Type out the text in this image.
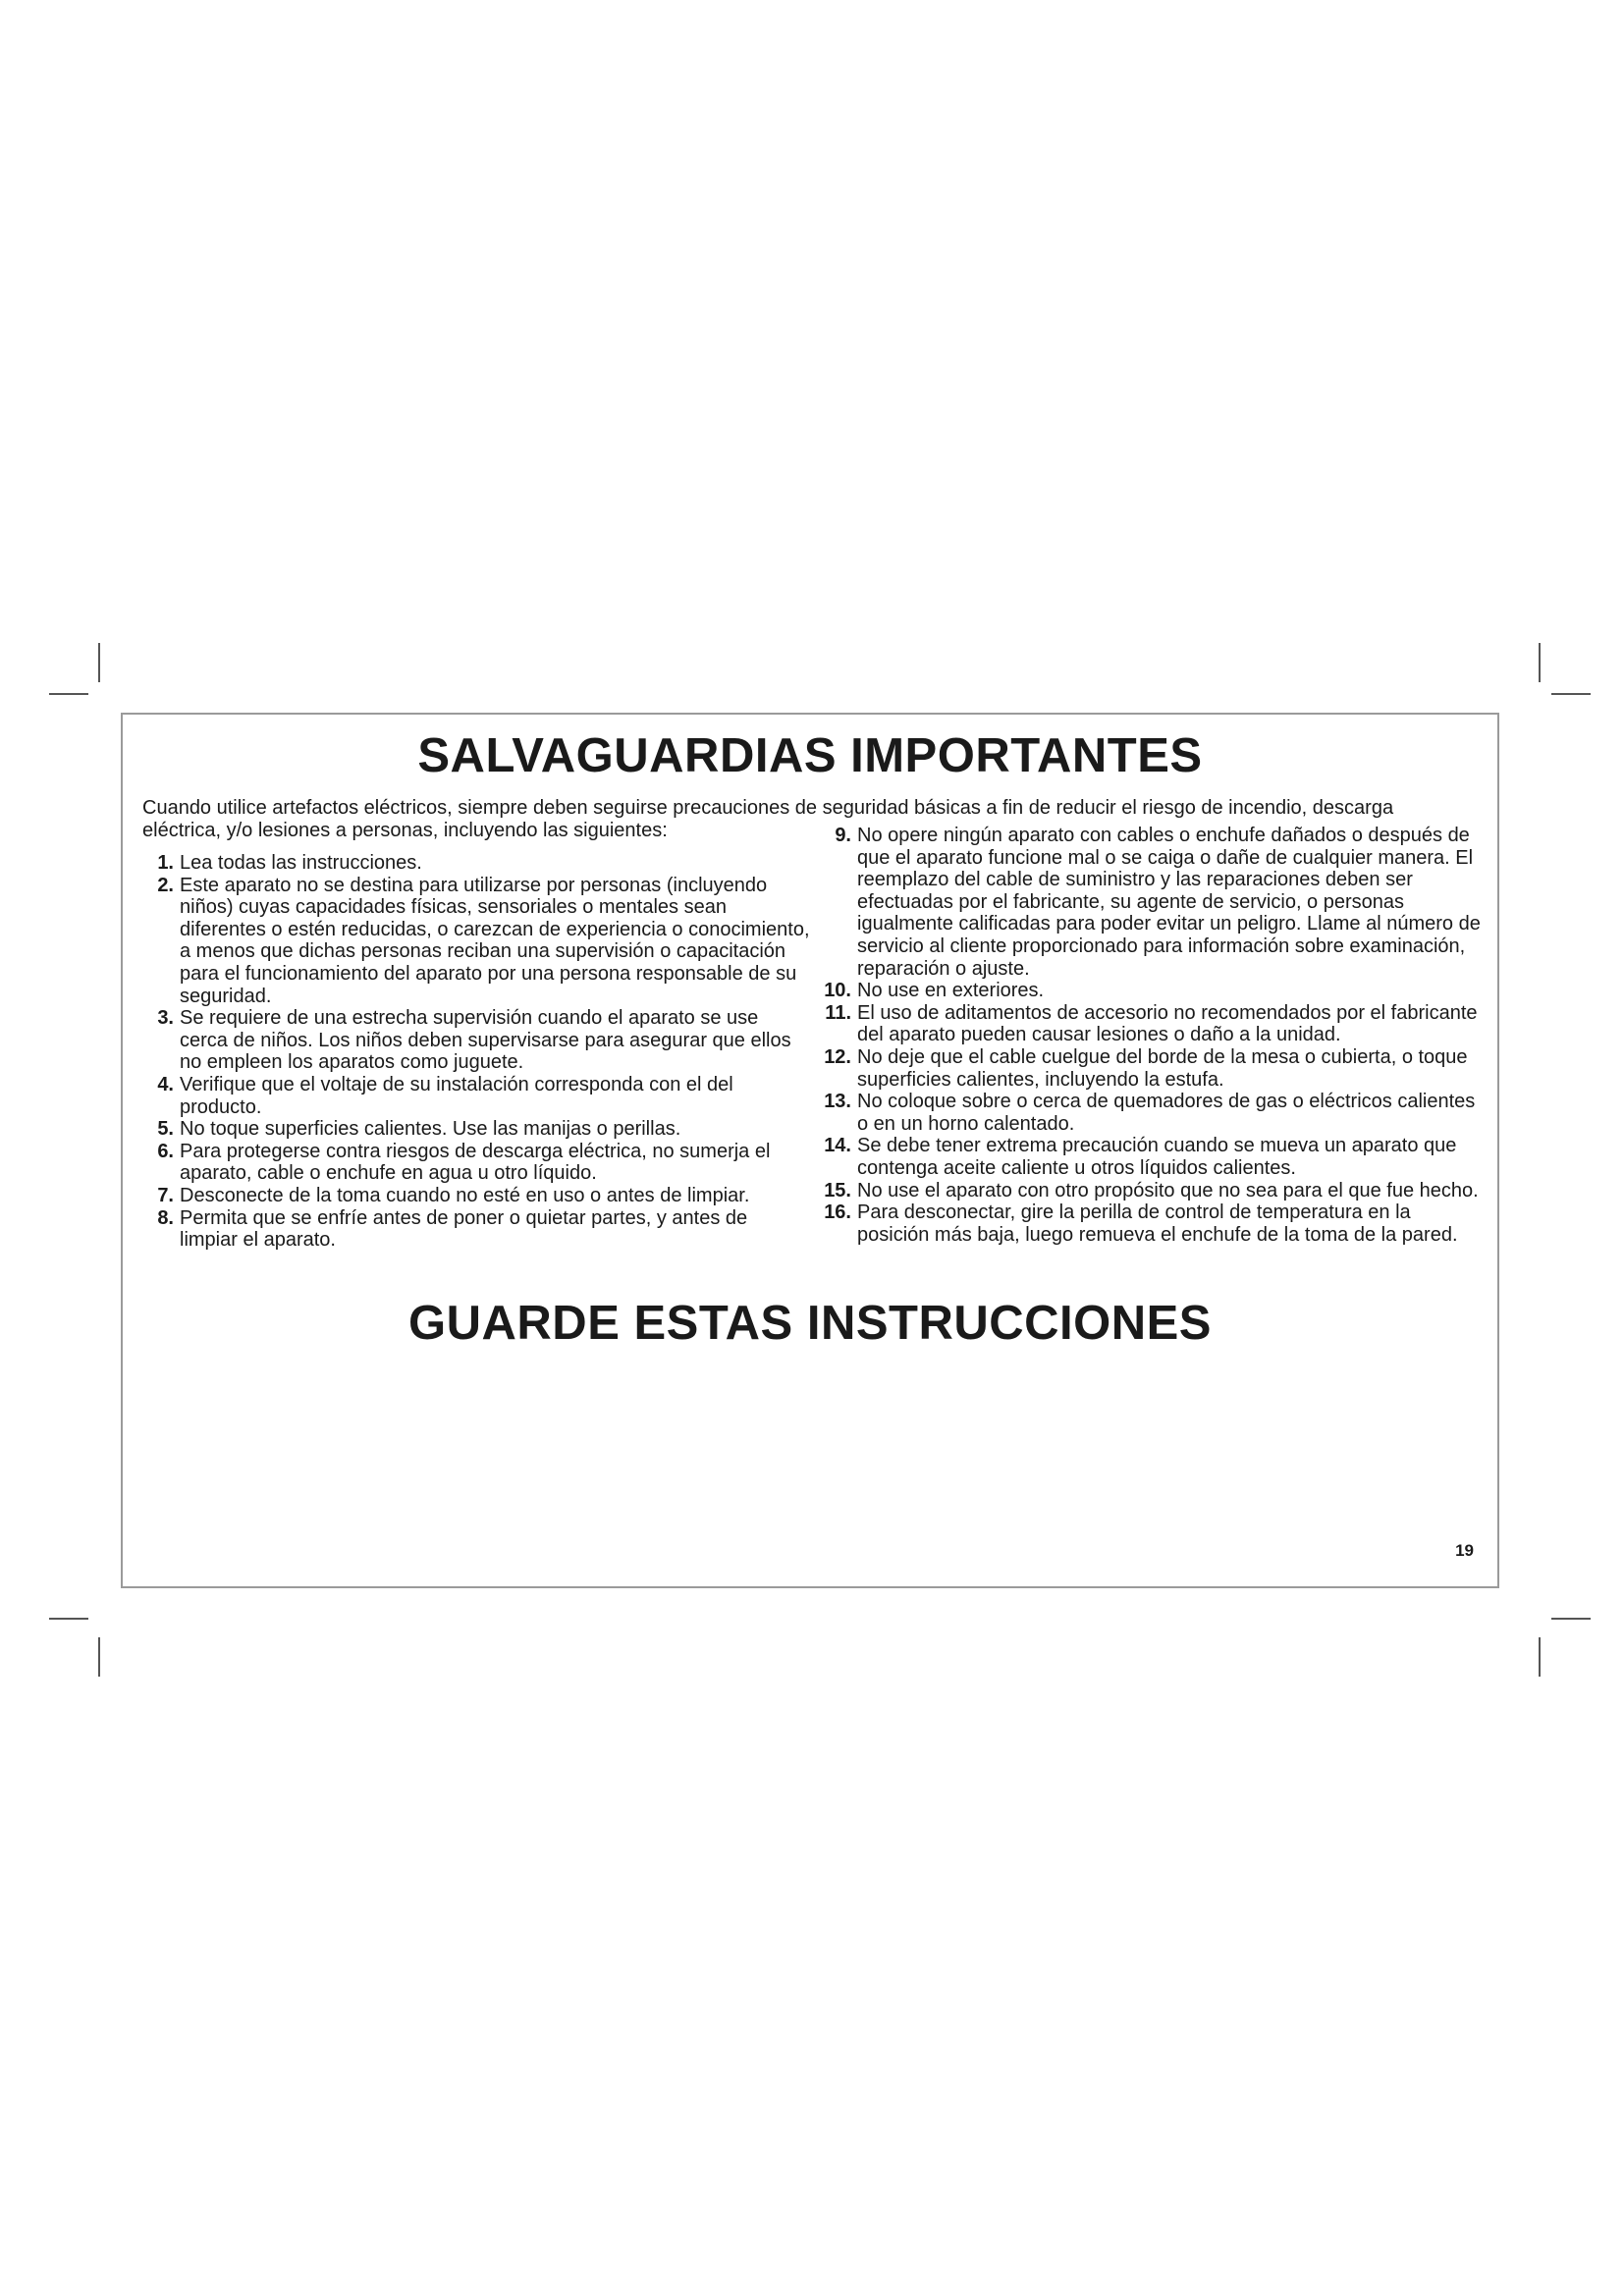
SALVAGUARDIAS IMPORTANTES

Cuando utilice artefactos eléctricos, siempre deben seguirse precauciones de seguridad básicas a fin de reducir el riesgo de incendio, descarga eléctrica, y/o lesiones a personas, incluyendo las siguientes:

1. Lea todas las instrucciones.
2. Este aparato no se destina para utilizarse por personas (incluyendo niños) cuyas capacidades físicas, sensoriales o mentales sean diferentes o estén reducidas, o carezcan de experiencia o conocimiento, a menos que dichas personas reciban una supervisión o capacitación para el funcionamiento del aparato por una persona responsable de su seguridad.
3. Se requiere de una estrecha supervisión cuando el aparato se use cerca de niños. Los niños deben supervisarse para asegurar que ellos no empleen los aparatos como juguete.
4. Verifique que el voltaje de su instalación corresponda con el del producto.
5. No toque superficies calientes. Use las manijas o perillas.
6. Para protegerse contra riesgos de descarga eléctrica, no sumerja el aparato, cable o enchufe en agua u otro líquido.
7. Desconecte de la toma cuando no esté en uso o antes de limpiar.
8. Permita que se enfríe antes de poner o quietar partes, y antes de limpiar el aparato.
9. No opere ningún aparato con cables o enchufe dañados o después de que el aparato funcione mal o se caiga o dañe de cualquier manera. El reemplazo del cable de suministro y las reparaciones deben ser efectuadas por el fabricante, su agente de servicio, o personas igualmente calificadas para poder evitar un peligro. Llame al número de servicio al cliente proporcionado para información sobre examinación, reparación o ajuste.
10. No use en exteriores.
11. El uso de aditamentos de accesorio no recomendados por el fabricante del aparato pueden causar lesiones o daño a la unidad.
12. No deje que el cable cuelgue del borde de la mesa o cubierta, o toque superficies calientes, incluyendo la estufa.
13. No coloque sobre o cerca de quemadores de gas o eléctricos calientes o en un horno calentado.
14. Se debe tener extrema precaución cuando se mueva un aparato que contenga aceite caliente u otros líquidos calientes.
15. No use el aparato con otro propósito que no sea para el que fue hecho.
16. Para desconectar, gire la perilla de control de temperatura en la posición más baja, luego remueva el enchufe de la toma de la pared.
GUARDE ESTAS INSTRUCCIONES
19
